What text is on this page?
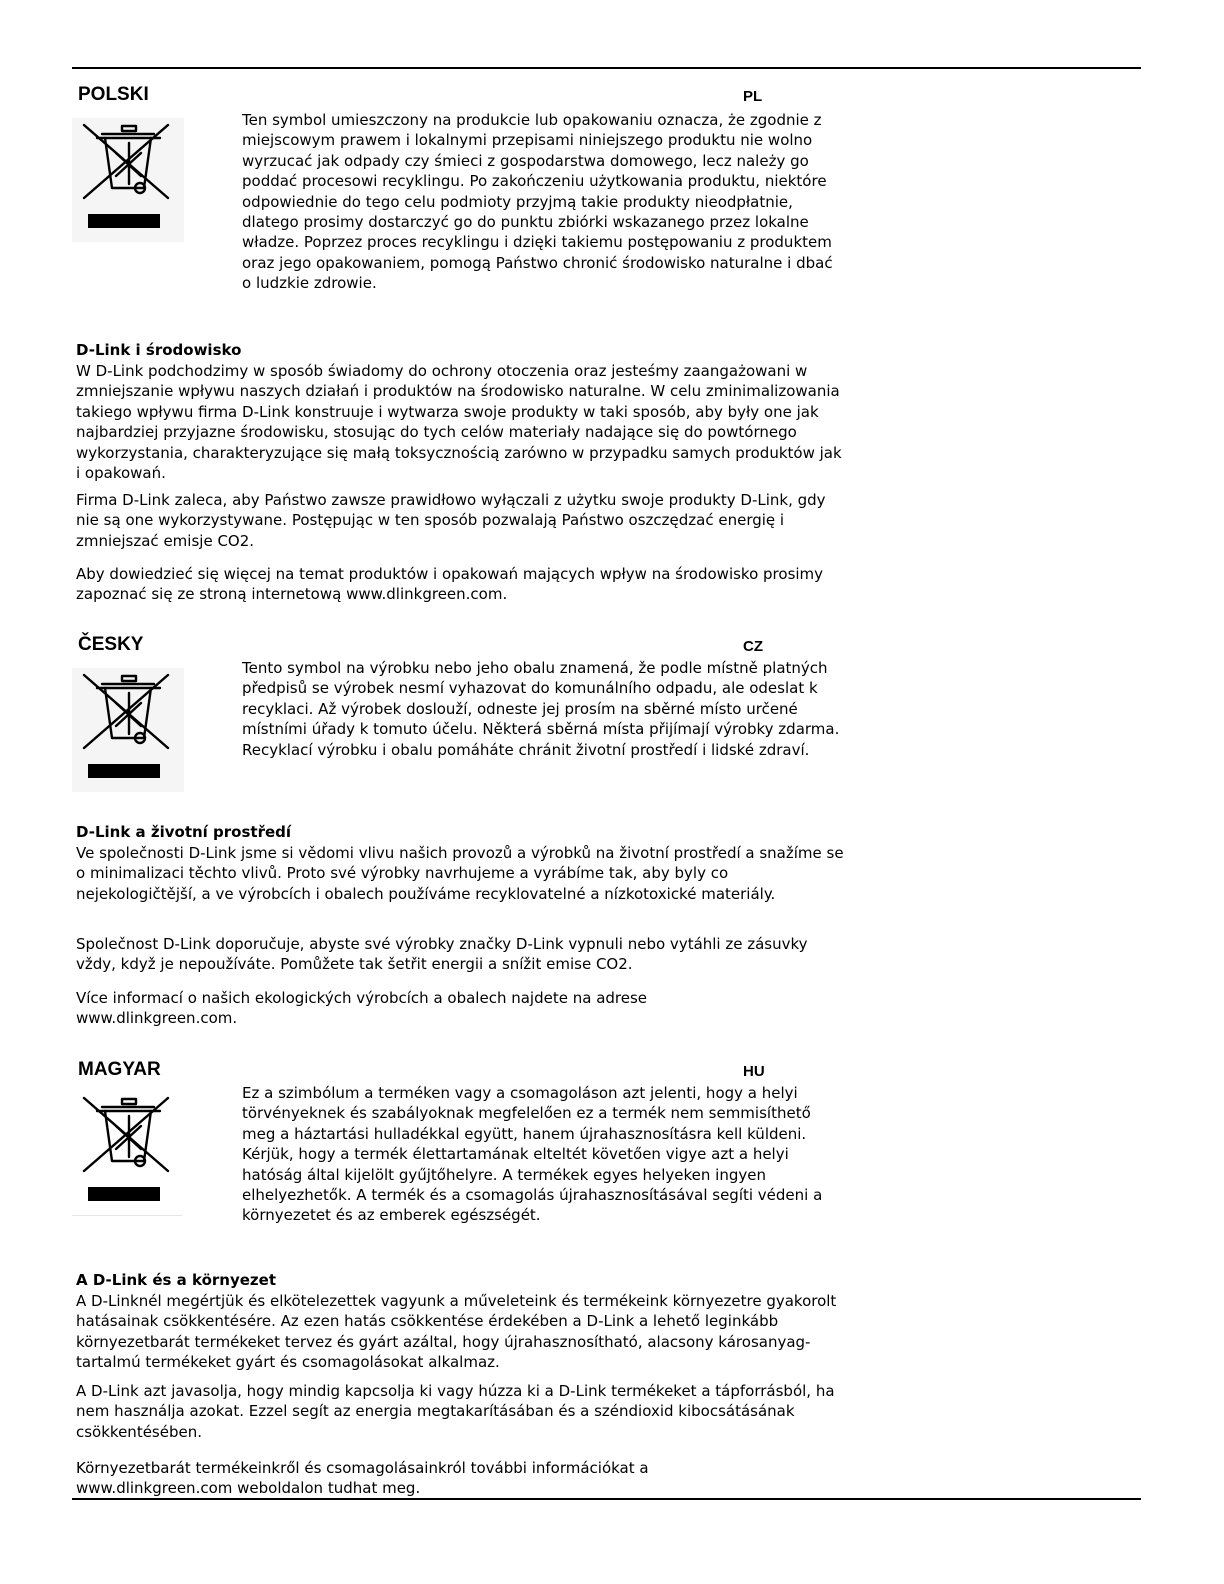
POLSKI	PL

Ten symbol umieszczony na produkcie lub opakowaniu oznacza, że zgodnie z miejscowym prawem i lokalnymi przepisami niniejszego produktu nie wolno wyrzucać jak odpady czy śmieci z gospodarstwa domowego, lecz należy go poddać procesowi recyklingu. Po zakończeniu użytkowania produktu, niektóre odpowiednie do tego celu podmioty przyjmą takie produkty nieodpłatnie, dlatego prosimy dostarczyć go do punktu zbiórki wskazanego przez lokalne władze. Poprzez proces recyklingu i dzięki takiemu postępowaniu z produktem oraz jego opakowaniem, pomogą Państwo chronić środowisko naturalne i dbać o ludzkie zdrowie.

D-Link i środowisko

W D-Link podchodzimy w sposób świadomy do ochrony otoczenia oraz jesteśmy zaangażowani w zmniejszanie wpływu naszych działań i produktów na środowisko naturalne. W celu zminimalizowania takiego wpływu firma D-Link konstruuje i wytwarza swoje produkty w taki sposób, aby były one jak najbardziej przyjazne środowisku, stosując do tych celów materiały nadające się do powtórnego wykorzystania, charakteryzujące się małą toksycznością zarówno w przypadku samych produktów jak i opakowań.

Firma D-Link zaleca, aby Państwo zawsze prawidłowo wyłączali z użytku swoje produkty D-Link, gdy nie są one wykorzystywane. Postępując w ten sposób pozwalają Państwo oszczędzać energię i zmniejszać emisje CO2.

Aby dowiedzieć się więcej na temat produktów i opakowań mających wpływ na środowisko prosimy zapoznać się ze stroną internetową www.dlinkgreen.com.

ČESKY	CZ

Tento symbol na výrobku nebo jeho obalu znamená, že podle místně platných předpisů se výrobek nesmí vyhazovat do komunálního odpadu, ale odeslat k recyklaci. Až výrobek doslouží, odneste jej prosím na sběrné místo určené místními úřady k tomuto účelu. Některá sběrná místa přijímají výrobky zdarma. Recyklací výrobku i obalu pomáháte chránit životní prostředí i lidské zdraví.

D-Link a životní prostředí

Ve společnosti D-Link jsme si vědomi vlivu našich provozů a výrobků na životní prostředí a snažíme se o minimalizaci těchto vlivů. Proto své výrobky navrhujeme a vyrábíme tak, aby byly co nejekologičtější, a ve výrobcích i obalech používáme recyklovatelné a nízkotoxické materiály.

Společnost D-Link doporučuje, abyste své výrobky značky D-Link vypnuli nebo vytáhli ze zásuvky vždy, když je nepoužíváte. Pomůžete tak šetřit energii a snížit emise CO2.

Více informací o našich ekologických výrobcích a obalech najdete na adrese www.dlinkgreen.com.

MAGYAR	HU

Ez a szimbólum a terméken vagy a csomagoláson azt jelenti, hogy a helyi törvényeknek és szabályoknak megfelelően ez a termék nem semmisíthető meg a háztartási hulladékkal együtt, hanem újrahasznosításra kell küldeni. Kérjük, hogy a termék élettartamának elteltét követően vigye azt a helyi hatóság által kijelölt gyűjtőhelyre. A termékek egyes helyeken ingyen elhelyezhetők. A termék és a csomagolás újrahasznosításával segíti védeni a környezetet és az emberek egészségét.

A D-Link és a környezet

A D-Linknél megértjük és elkötelezettek vagyunk a műveleteink és termékeink környezetre gyakorolt hatásainak csökkentésére. Az ezen hatás csökkentése érdekében a D-Link a lehető leginkább környezetbarát termékeket tervez és gyárt azáltal, hogy újrahasznosítható, alacsony károsanyag-tartalmú termékeket gyárt és csomagolásokat alkalmaz.

A D-Link azt javasolja, hogy mindig kapcsolja ki vagy húzza ki a D-Link termékeket a tápforrásból, ha nem használja azokat. Ezzel segít az energia megtakarításában és a széndioxid kibocsátásának csökkentésében.

Környezetbarát termékeinkről és csomagolásainkról további információkat a www.dlinkgreen.com weboldalon tudhat meg.
